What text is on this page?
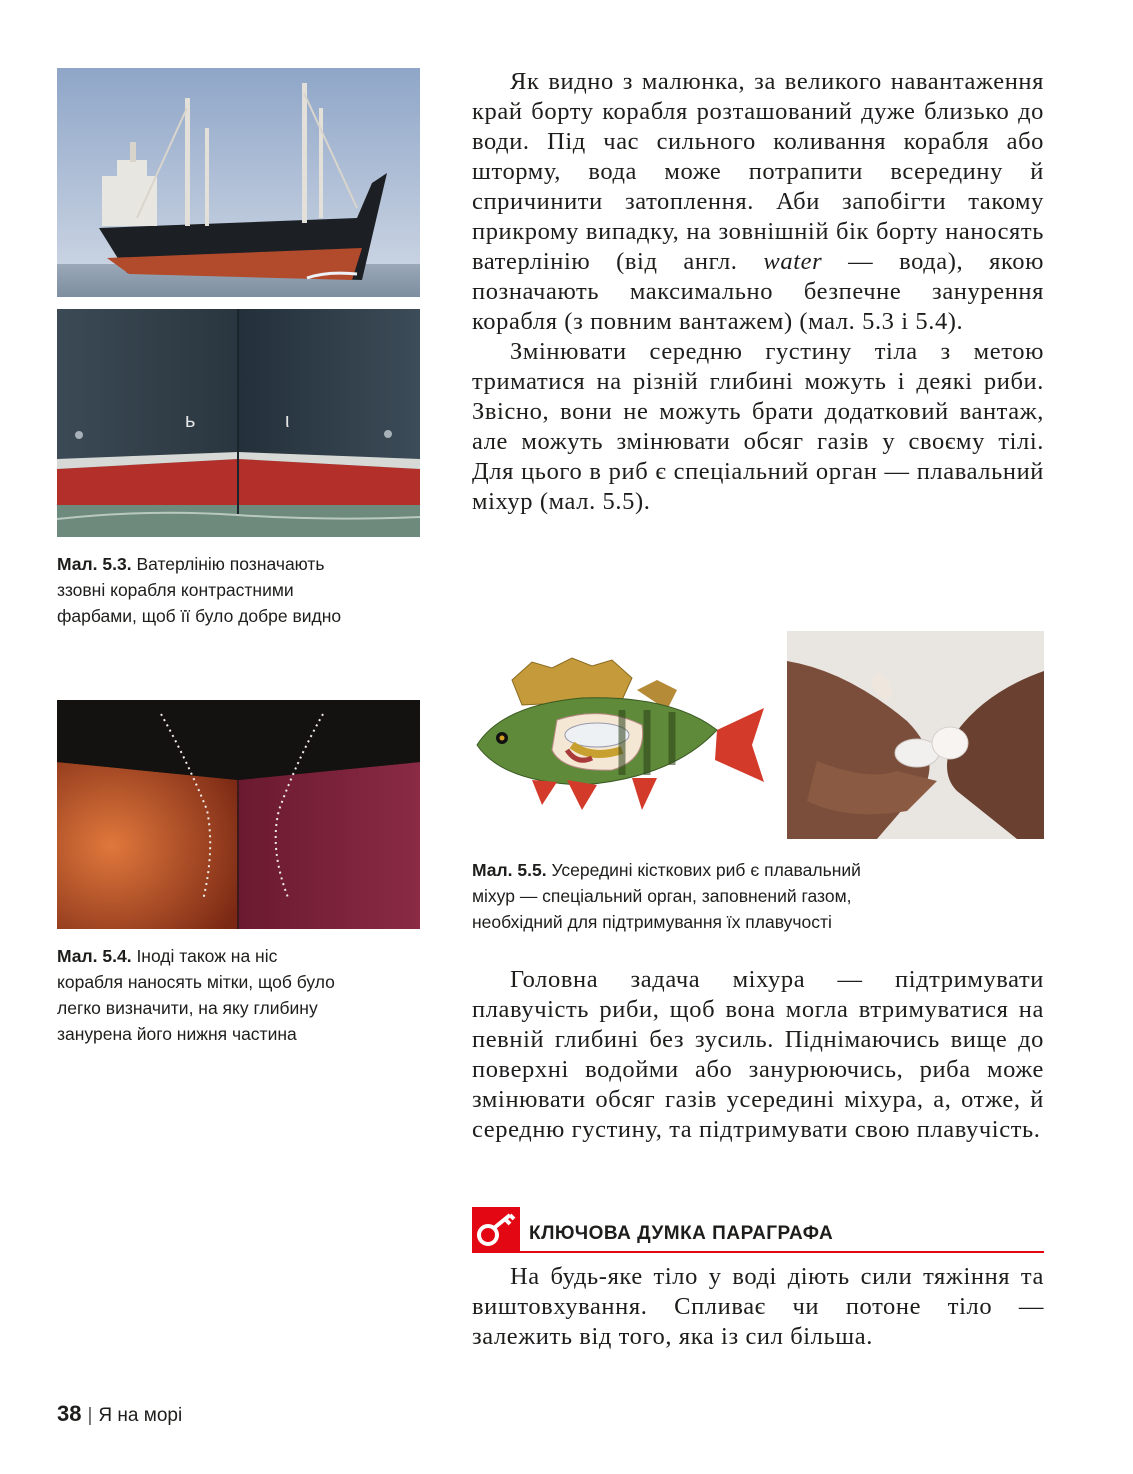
ь	ι
Мал. 5.3. Ватерлінію позначають
ззовні корабля контрастними
фарбами, щоб її було добре видно
Мал. 5.4. Іноді також на ніс
корабля наносять мітки, щоб було
легко визначити, на яку глибину
занурена його нижня частина

Як видно з малюнка, за великого навантаження край борту корабля розташований дуже близько до води. Під час сильного коливання корабля або шторму, вода може потрапити всередину й спричинити затоплення. Аби запобігти такому прикрому випадку, на зовнішній бік борту наносять ватерлінію (від англ. water — вода), якою позначають максимально безпечне занурення корабля (з повним вантажем) (мал. 5.3 і 5.4).

Змінювати середню густину тіла з метою триматися на різній глибині можуть і деякі риби. Звісно, вони не можуть брати додатковий вантаж, але можуть змінювати обсяг газів у своєму тілі. Для цього в риб є спеціальний орган — плавальний міхур (мал. 5.5).

Мал. 5.5. Усередині кісткових риб є плавальний
міхур — спеціальний орган, заповнений газом,
необхідний для підтримування їх плавучості

Головна задача міхура — підтримувати плавучість риби, щоб вона могла втримуватися на певній глибині без зусиль. Піднімаючись вище до поверхні водойми або занурюючись, риба може змінювати обсяг газів усередині міхура, а, отже, й середню густину, та підтримувати свою плавучість.

КЛЮЧОВА ДУМКА ПАРАГРАФА

На будь-яке тіло у воді діють сили тяжіння та виштовхування. Спливає чи потоне тіло — залежить від того, яка із сил більша.

38 | Я на морі
